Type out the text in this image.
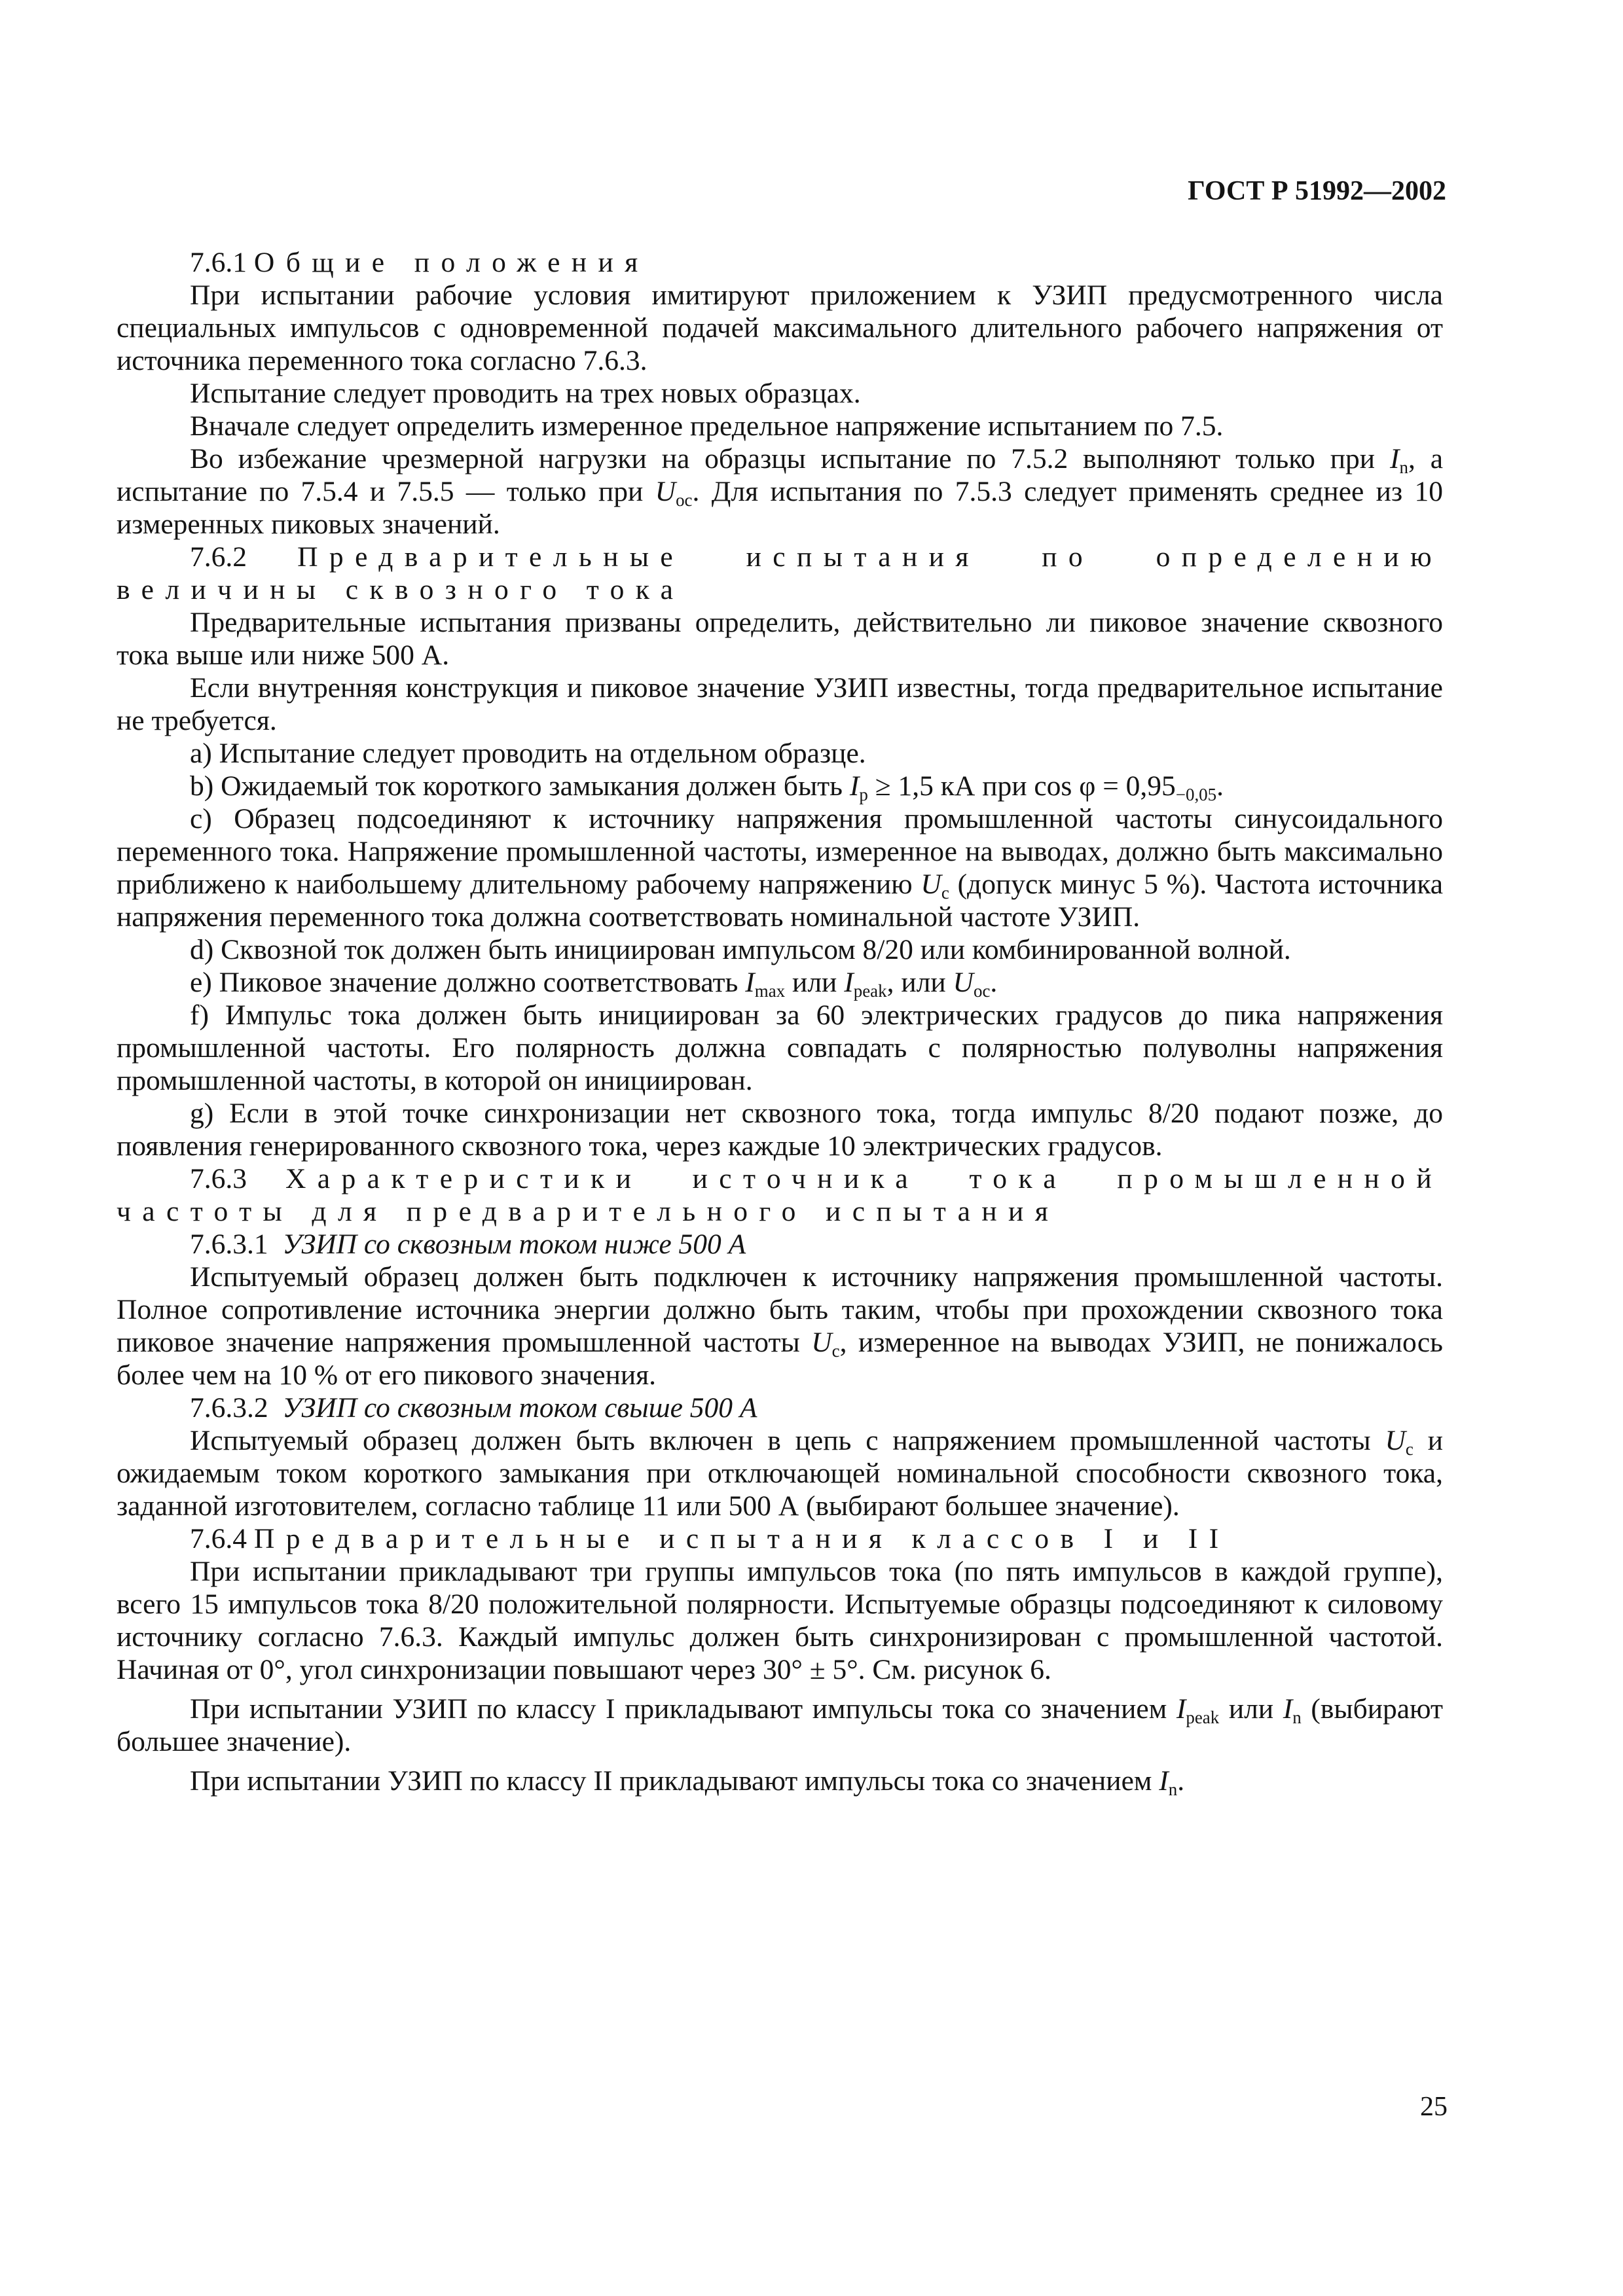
ГОСТ Р 51992—2002

7.6.1 Общие положения

При испытании рабочие условия имитируют приложением к УЗИП предусмотренного числа специальных импульсов с одновременной подачей максимального длительного рабочего напряжения от источника переменного тока согласно 7.6.3.

Испытание следует проводить на трех новых образцах.

Вначале следует определить измеренное предельное напряжение испытанием по 7.5.

Во избежание чрезмерной нагрузки на образцы испытание по 7.5.2 выполняют только при $I_n$, а испытание по 7.5.4 и 7.5.5 — только при $U_{oc}$. Для испытания по 7.5.3 следует применять среднее из 10 измеренных пиковых значений.

7.6.2 Предварительные испытания по определению величины сквозного тока

Предварительные испытания призваны определить, действительно ли пиковое значение сквозного тока выше или ниже 500 А.

Если внутренняя конструкция и пиковое значение УЗИП известны, тогда предварительное испытание не требуется.

a) Испытание следует проводить на отдельном образце.

b) Ожидаемый ток короткого замыкания должен быть $I_p \ge 1,5$ кА при $\cos \varphi = 0,95_{-0,05}$.

c) Образец подсоединяют к источнику напряжения промышленной частоты синусоидального переменного тока. Напряжение промышленной частоты, измеренное на выводах, должно быть максимально приближено к наибольшему длительному рабочему напряжению $U_c$ (допуск минус 5 %). Частота источника напряжения переменного тока должна соответствовать номинальной частоте УЗИП.

d) Сквозной ток должен быть инициирован импульсом 8/20 или комбинированной волной.

e) Пиковое значение должно соответствовать $I_{max}$ или $I_{peak}$, или $U_{oc}$.

f) Импульс тока должен быть инициирован за 60 электрических градусов до пика напряжения промышленной частоты. Его полярность должна совпадать с полярностью полуволны напряжения промышленной частоты, в которой он инициирован.

g) Если в этой точке синхронизации нет сквозного тока, тогда импульс 8/20 подают позже, до появления генерированного сквозного тока, через каждые 10 электрических градусов.

7.6.3 Характеристики источника тока промышленной частоты для предварительного испытания

7.6.3.1 УЗИП со сквозным током ниже 500 А

Испытуемый образец должен быть подключен к источнику напряжения промышленной частоты. Полное сопротивление источника энергии должно быть таким, чтобы при прохождении сквозного тока пиковое значение напряжения промышленной частоты $U_c$, измеренное на выводах УЗИП, не понижалось более чем на 10 % от его пикового значения.

7.6.3.2 УЗИП со сквозным током свыше 500 А

Испытуемый образец должен быть включен в цепь с напряжением промышленной частоты $U_c$ и ожидаемым током короткого замыкания при отключающей номинальной способности сквозного тока, заданной изготовителем, согласно таблице 11 или 500 А (выбирают большее значение).

7.6.4 Предварительные испытания классов I и II

При испытании прикладывают три группы импульсов тока (по пять импульсов в каждой группе), всего 15 импульсов тока 8/20 положительной полярности. Испытуемые образцы подсоединяют к силовому источнику согласно 7.6.3. Каждый импульс должен быть синхронизирован с промышленной частотой. Начиная от 0°, угол синхронизации повышают через 30° ± 5°. См. рисунок 6.

При испытании УЗИП по классу I прикладывают импульсы тока со значением $I_{peak}$ или $I_n$ (выбирают большее значение).

При испытании УЗИП по классу II прикладывают импульсы тока со значением $I_n$.

25
